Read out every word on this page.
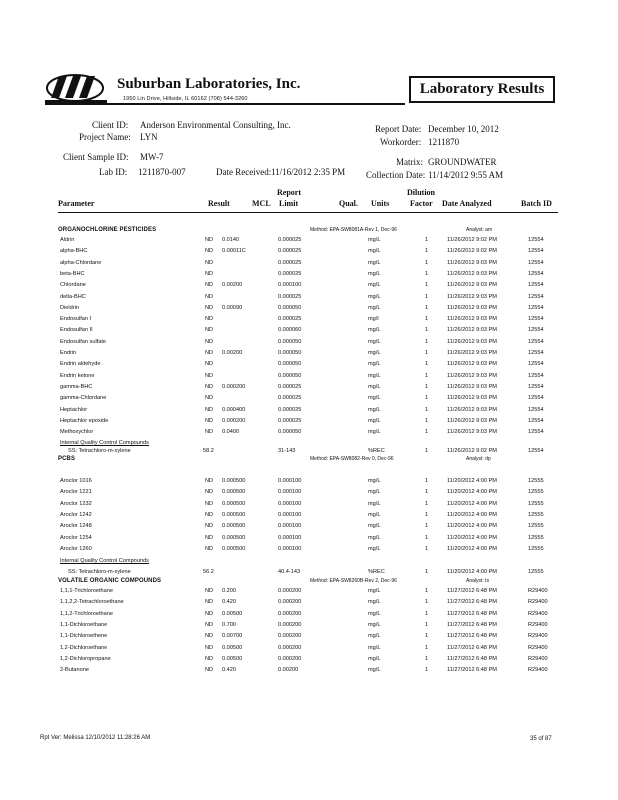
Suburban Laboratories, Inc.
1950 Lin Drive, Hillside, IL 60162 (708) 544-3260
Laboratory Results
Client ID: Anderson Environmental Consulting, Inc.
Project Name: LYN
Report Date: December 10, 2012
Workorder: 1211870
Client Sample ID: MW-7
Lab ID: 1211870-007	Date Received: 11/16/2012 2:35 PM
Matrix: GROUNDWATER
Collection Date: 11/14/2012 9:55 AM
Parameter	Result	MCL
Report
Limit	Qual. Units
Dilution
Factor Date Analyzed	Batch ID
ORGANOCHLORINE PESTICIDES	Method: EPA-SW8081A-Rev 1, Dec-96	Analyst: am
Aldrin	ND 0.0140	0.000025	mg/L	1	11/26/2012 9:02 PM	12554
alpha-BHC	ND 0.00011C	0.000025	mg/L	1	11/26/2012 9:02 PM	12554
alpha-Chlordane	ND	0.000025	mg/L	1	11/26/2012 9:03 PM	12554
beta-BHC	ND	0.000025	mg/L	1	11/26/2012 9:03 PM	12554
Chlordane	ND 0.00200	0.000100	mg/L	1	11/26/2012 9:03 PM	12554
delta-BHC	ND	0.000025	mg/L	1	11/26/2012 9:03 PM	12554
Dieldrin	ND 0.00090	0.000050	mg/L	1	11/26/2012 9:03 PM	12554
Endosulfan I	ND	0.000025	mg/l	1	11/26/2012 9:03 PM	12554
Endosulfan II	ND	0.000060	mg/L	1	11/26/2012 9:03 PM	12554
Endosulfan sulfate	ND	0.000050	mg/L	1	11/26/2012 9:03 PM	12554
Endrin	ND 0.00200	0.000050	mg/L	1	11/26/2012 9:03 PM	12554
Endrin aldehyde	ND	0.000050	mg/L	1	11/26/2012 9:03 PM	12554
Endrin ketone	ND	0.000050	mg/L	1	11/26/2012 9:03 PM	12554
gamma-BHC	ND 0.000200	0.000025	mg/L	1	11/26/2012 9:03 PM	12554
gamma-Chlordane	ND	0.000025	mg/L	1	11/26/2012 9:03 PM	12554
Heptachlor	ND 0.000400	0.000025	mg/L	1	11/26/2012 9:03 PM	12554
Heptachlor epoxide	ND 0.000200	0.000025	mg/L	1	11/26/2012 9:03 PM	12554
Methoxychlor	ND 0.0400	0.000050	mg/L	1	11/26/2012 9:03 PM	12554
Internal Quality Control Compounds
SS: Tetrachloro-m-xylene	58.2	31-143	%REC	1	11/26/2012 9:02 PM	12554
PCBS	Method: EPA-SW8082-Rev 0, Dec-96	Analyst: dp
Aroclor 1016	ND 0.000500	0.000100	mg/L	1	11/20/2012 4:00 PM	12555
Aroclor 1221	ND 0.000500	0.000100	mg/L	1	11/20/2012 4:00 PM	12555
Aroclor 1232	ND 0.000500	0.000100	mg/L	1	11/20/2012 4:00 PM	12555
Aroclor 1242	ND 0.000500	0.000100	mg/L	1	11/20/2012 4:00 PM	12555
Aroclor 1248	ND 0.000500	0.000100	mg/L	1	11/20/2012 4:00 PM	12555
Aroclor 1254	ND 0.000500	0.000100	mg/L	1	11/20/2012 4:00 PM	12555
Aroclor 1260	ND 0.000500	0.000100	mg/L	1	11/20/2012 4:00 PM	12555
Internal Quality Control Compounds
SS: Tetrachloro-m-xylene	56.2	40.4-143	%REC	1	11/20/2012 4:00 PM	12555
VOLATILE ORGANIC COMPOUNDS	Method: EPA-SW8260B-Rev 2, Dec-96	Analyst: ts
1,1,1-Trichloroethane	ND 0.200	0.000200	mg/L	1	11/27/2012 6:48 PM	R29400
1,1,2,2-Tetrachloroethane	ND 0.420	0.000200	mg/L	1	11/27/2012 6:48 PM	R29400
1,1,2-Trichloroethane	ND 0.00500	0.000200	mg/L	1	11/27/2012 6:48 PM	R29400
1,1-Dichloroethane	ND 0.700	0.000200	mg/L	1	11/27/2012 6:48 PM	R29400
1,1-Dichloroethene	ND 0.00700	0.000200	mg/L	1	11/27/2012 6:48 PM	R29400
1,2-Dichloroethane	ND 0.00500	0.000200	mg/L	1	11/27/2012 6:48 PM	R29400
1,2-Dichloropropane	ND 0.00500	0.000200	mg/L	1	11/27/2012 6:48 PM	R29400
2-Butanone	ND 0.420	0.00200	mg/L	1	11/27/2012 6:48 PM	R29400
Rpt Ver: Melissa 12/10/2012 11:28:26 AM	35 of 87
